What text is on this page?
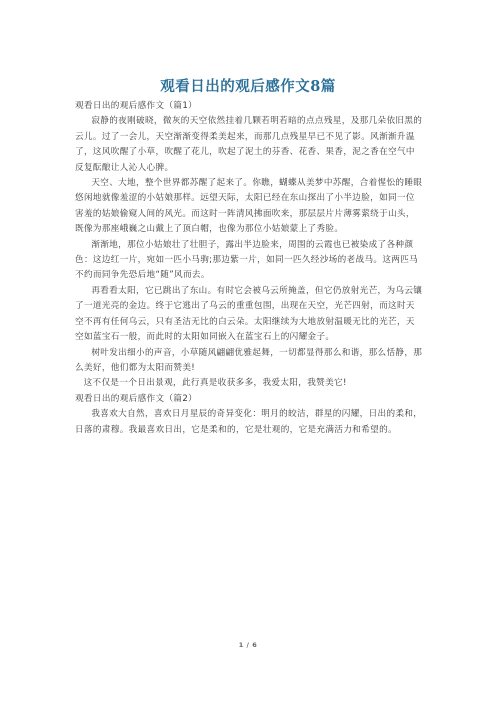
观看日出的观后感作文8篇

观看日出的观后感作文（篇1）

寂静的夜刚破晓，微灰的天空依然挂着几颗若明若暗的点点残星，及那几朵依旧黑的云儿。过了一会儿，天空渐渐变得柔美起来，而那几点残星早已不见了影。风渐渐升温了，这风吹醒了小草，吹醒了花儿，吹起了泥土的芬香、花香、果香，泥之香在空气中反复酝酿让人沁人心脾。

天空、大地，整个世界都苏醒了起来了。你瞧，蝴蝶从美梦中苏醒，合着惺忪的睡眼悠闲地就像羞涩的小姑娘那样。远望天际，太阳已经在东山探出了小半边脸，如同一位害羞的姑娘偷窥人间的风光。而这时一阵清风拂面吹来，那层层片片薄雾萦绕于山头，既像为那座峨巍之山戴上了顶白帽，也像为那位小姑娘蒙上了秀脸。

渐渐地，那位小姑娘壮了壮胆子，露出半边脸来，周围的云霞也已被染成了各种颜色：这边红一片，宛如一匹小马驹;那边紫一片，如同一匹久经沙场的老战马。这两匹马不约而同争先恐后地“随”风而去。

再看看太阳，它已跳出了东山。有时它会被乌云所掩盖，但它仍放射光芒，为乌云镶了一道光亮的金边。终于它逃出了乌云的重重包围，出现在天空，光芒四射，而这时天空不再有任何乌云，只有圣洁无比的白云朵。太阳继续为大地放射温暖无比的光芒，天空如蓝宝石一般，而此时的太阳如同嵌入在蓝宝石上的闪耀金子。

树叶发出细小的声音，小草随风翩翩优雅起舞，一切都显得那么和谐，那么恬静，那么美好，他们都为太阳而赞美!

这不仅是一个日出景观，此行真是收获多多，我爱太阳，我赞美它!

观看日出的观后感作文（篇2）

我喜欢大自然，喜欢日月星辰的奇异变化：明月的皎洁，群星的闪耀，日出的柔和，日落的肃穆。我最喜欢日出，它是柔和的，它是壮观的，它是充满活力和希望的。

1 / 6
